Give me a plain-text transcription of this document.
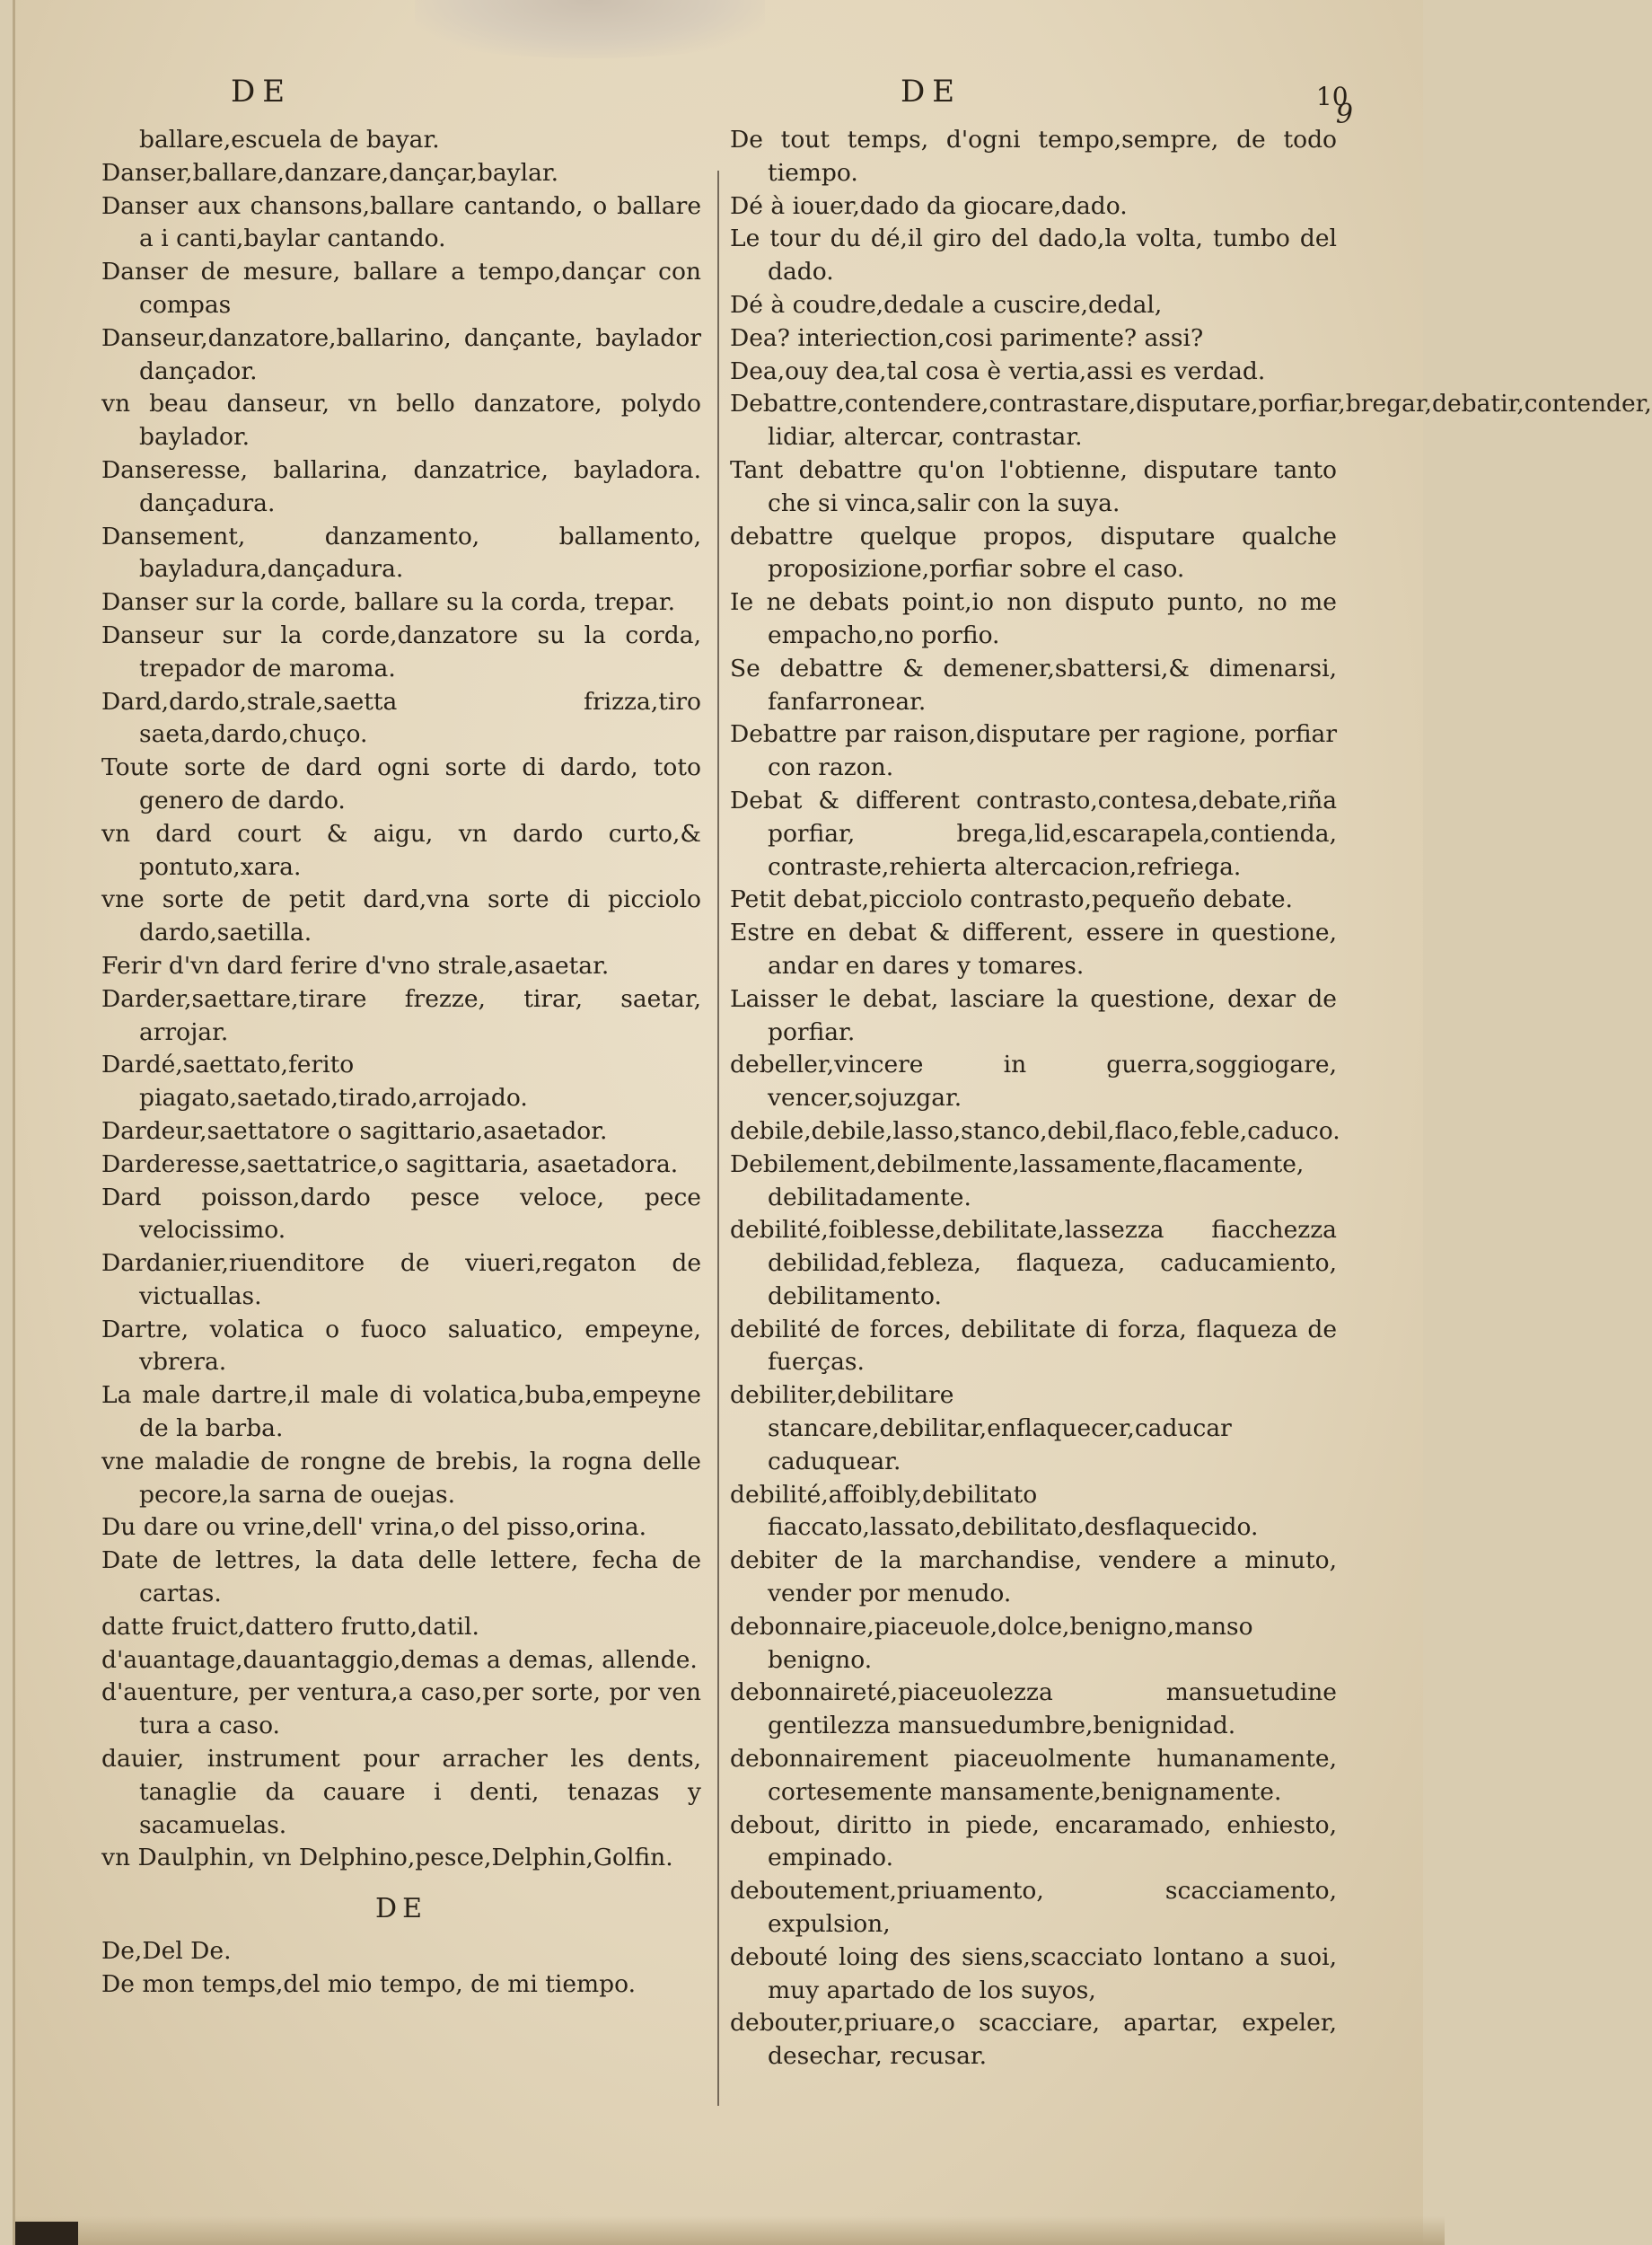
DE	DE	10
9

ballare,escuela de bayar.

Danser,ballare,danzare,dançar,baylar.

Danser aux chansons,ballare cantando, o ballare a i canti,baylar cantando.

Danser de mesure, ballare a tempo,dançar con compas

Danseur,danzatore,ballarino, dançante, baylador dançador.

vn beau danseur, vn bello danzatore, polydo baylador.

Danseresse, ballarina, danzatrice, bayladora. dançadura.

Dansement, danzamento, ballamento, bayladura,dançadura.

Danser sur la corde, ballare su la corda, trepar.

Danseur sur la corde,danzatore su la corda, trepador de maroma.

Dard,dardo,strale,saetta frizza,tiro saeta,dardo,chuço.

Toute sorte de dard ogni sorte di dardo, toto genero de dardo.

vn dard court & aigu, vn dardo curto,& pontuto,xara.

vne sorte de petit dard,vna sorte di picciolo dardo,saetilla.

Ferir d'vn dard ferire d'vno strale,asaetar.

Darder,saettare,tirare frezze, tirar, saetar, arrojar.

Dardé,saettato,ferito piagato,saetado,tirado,arrojado.

Dardeur,saettatore o sagittario,asaetador.

Darderesse,saettatrice,o sagittaria, asaetadora.

Dard poisson,dardo pesce veloce, pece velocissimo.

Dardanier,riuenditore de viueri,regaton de victuallas.

Dartre, volatica o fuoco saluatico, empeyne, vbrera.

La male dartre,il male di volatica,buba,empeyne de la barba.

vne maladie de rongne de brebis, la rogna delle pecore,la sarna de ouejas.

Du dare ou vrine,dell' vrina,o del pisso,orina.

Date de lettres, la data delle lettere, fecha de cartas.

datte fruict,dattero frutto,datil.

d'auantage,dauantaggio,demas a demas, allende.

d'auenture, per ventura,a caso,per sorte, por ven tura a caso.

dauier, instrument pour arracher les dents, tanaglie da cauare i denti, tenazas y sacamuelas.

vn Daulphin, vn Delphino,pesce,Delphin,Golfin.

DE

De,Del De.

De mon temps,del mio tempo, de mi tiempo.

De tout temps, d'ogni tempo,sempre, de todo tiempo.

Dé à iouer,dado da giocare,dado.

Le tour du dé,il giro del dado,la volta, tumbo del dado.

Dé à coudre,dedale a cuscire,dedal,

Dea? interiection,cosi parimente? assi?

Dea,ouy dea,tal cosa è vertia,assi es verdad.

Debattre,contendere,contrastare,disputare,porfiar,bregar,debatir,contender, lidiar, altercar, contrastar.

Tant debattre qu'on l'obtienne, disputare tanto che si vinca,salir con la suya.

debattre quelque propos, disputare qualche proposizione,porfiar sobre el caso.

Ie ne debats point,io non disputo punto, no me empacho,no porfio.

Se debattre & demener,sbattersi,& dimenarsi, fanfarronear.

Debattre par raison,disputare per ragione, porfiar con razon.

Debat & different contrasto,contesa,debate,riña porfiar, brega,lid,escarapela,contienda, contraste,rehierta altercacion,refriega.

Petit debat,picciolo contrasto,pequeño debate.

Estre en debat & different, essere in questione, andar en dares y tomares.

Laisser le debat, lasciare la questione, dexar de porfiar.

debeller,vincere in guerra,soggiogare, vencer,sojuzgar.

debile,debile,lasso,stanco,debil,flaco,feble,caduco.

Debilement,debilmente,lassamente,flacamente, debilitadamente.

debilité,foiblesse,debilitate,lassezza fiacchezza debilidad,febleza, flaqueza, caducamiento, debilitamento.

debilité de forces, debilitate di forza, flaqueza de fuerças.

debiliter,debilitare stancare,debilitar,enflaquecer,caducar caduquear.

debilité,affoibly,debilitato fiaccato,lassato,debilitato,desflaquecido.

debiter de la marchandise, vendere a minuto, vender por menudo.

debonnaire,piaceuole,dolce,benigno,manso benigno.

debonnaireté,piaceuolezza mansuetudine gentilezza mansuedumbre,benignidad.

debonnairement piaceuolmente humanamente, cortesemente mansamente,benignamente.

debout, diritto in piede, encaramado, enhiesto, empinado.

deboutement,priuamento, scacciamento, expulsion,

debouté loing des siens,scacciato lontano a suoi, muy apartado de los suyos,

debouter,priuare,o scacciare, apartar, expeler, desechar, recusar.
